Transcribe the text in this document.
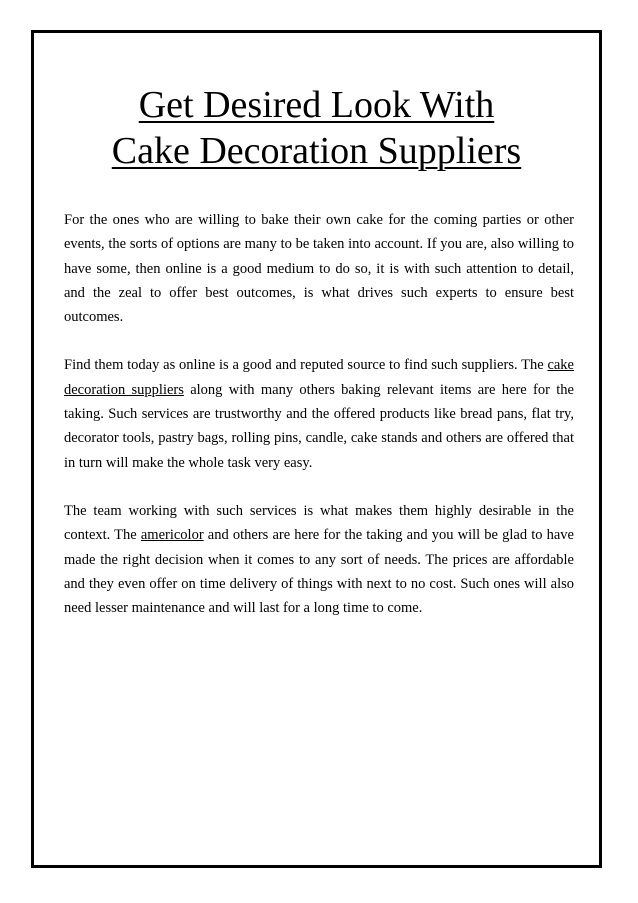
Get Desired Look With
Cake Decoration Suppliers

For the ones who are willing to bake their own cake for the coming parties or other events, the sorts of options are many to be taken into account. If you are, also willing to have some, then online is a good medium to do so, it is with such attention to detail, and the zeal to offer best outcomes, is what drives such experts to ensure best outcomes.

Find them today as online is a good and reputed source to find such suppliers. The cake decoration suppliers along with many others baking relevant items are here for the taking. Such services are trustworthy and the offered products like bread pans, flat try, decorator tools, pastry bags, rolling pins, candle, cake stands and others are offered that in turn will make the whole task very easy.

The team working with such services is what makes them highly desirable in the context. The americolor and others are here for the taking and you will be glad to have made the right decision when it comes to any sort of needs. The prices are affordable and they even offer on time delivery of things with next to no cost. Such ones will also need lesser maintenance and will last for a long time to come.
